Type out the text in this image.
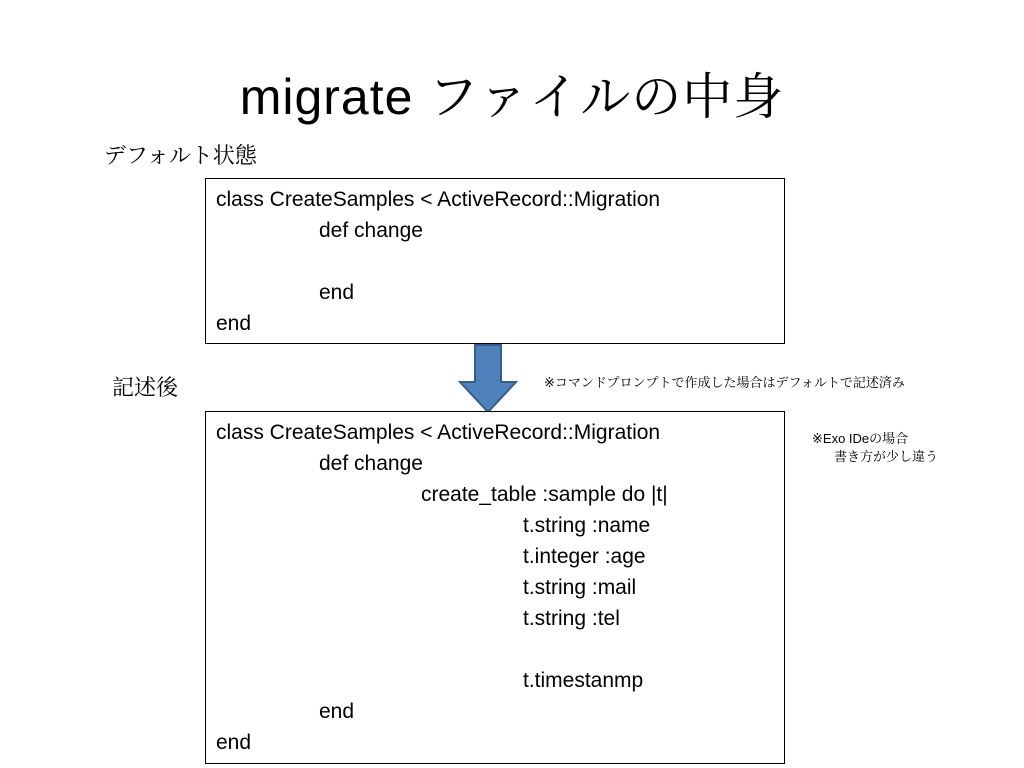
migrate ファイルの中身
デフォルト状態
class CreateSamples < ActiveRecord::Migration
def change
end
end
※コマンドプロンプトで作成した場合はデフォルトで記述済み
記述後
class CreateSamples < ActiveRecord::Migration
def change
create_table :sample do |t|
t.string :name
t.integer :age
t.string :mail
t.string :tel
t.timestanmp
end
end
※Exo IDeの場合
書き方が少し違う
